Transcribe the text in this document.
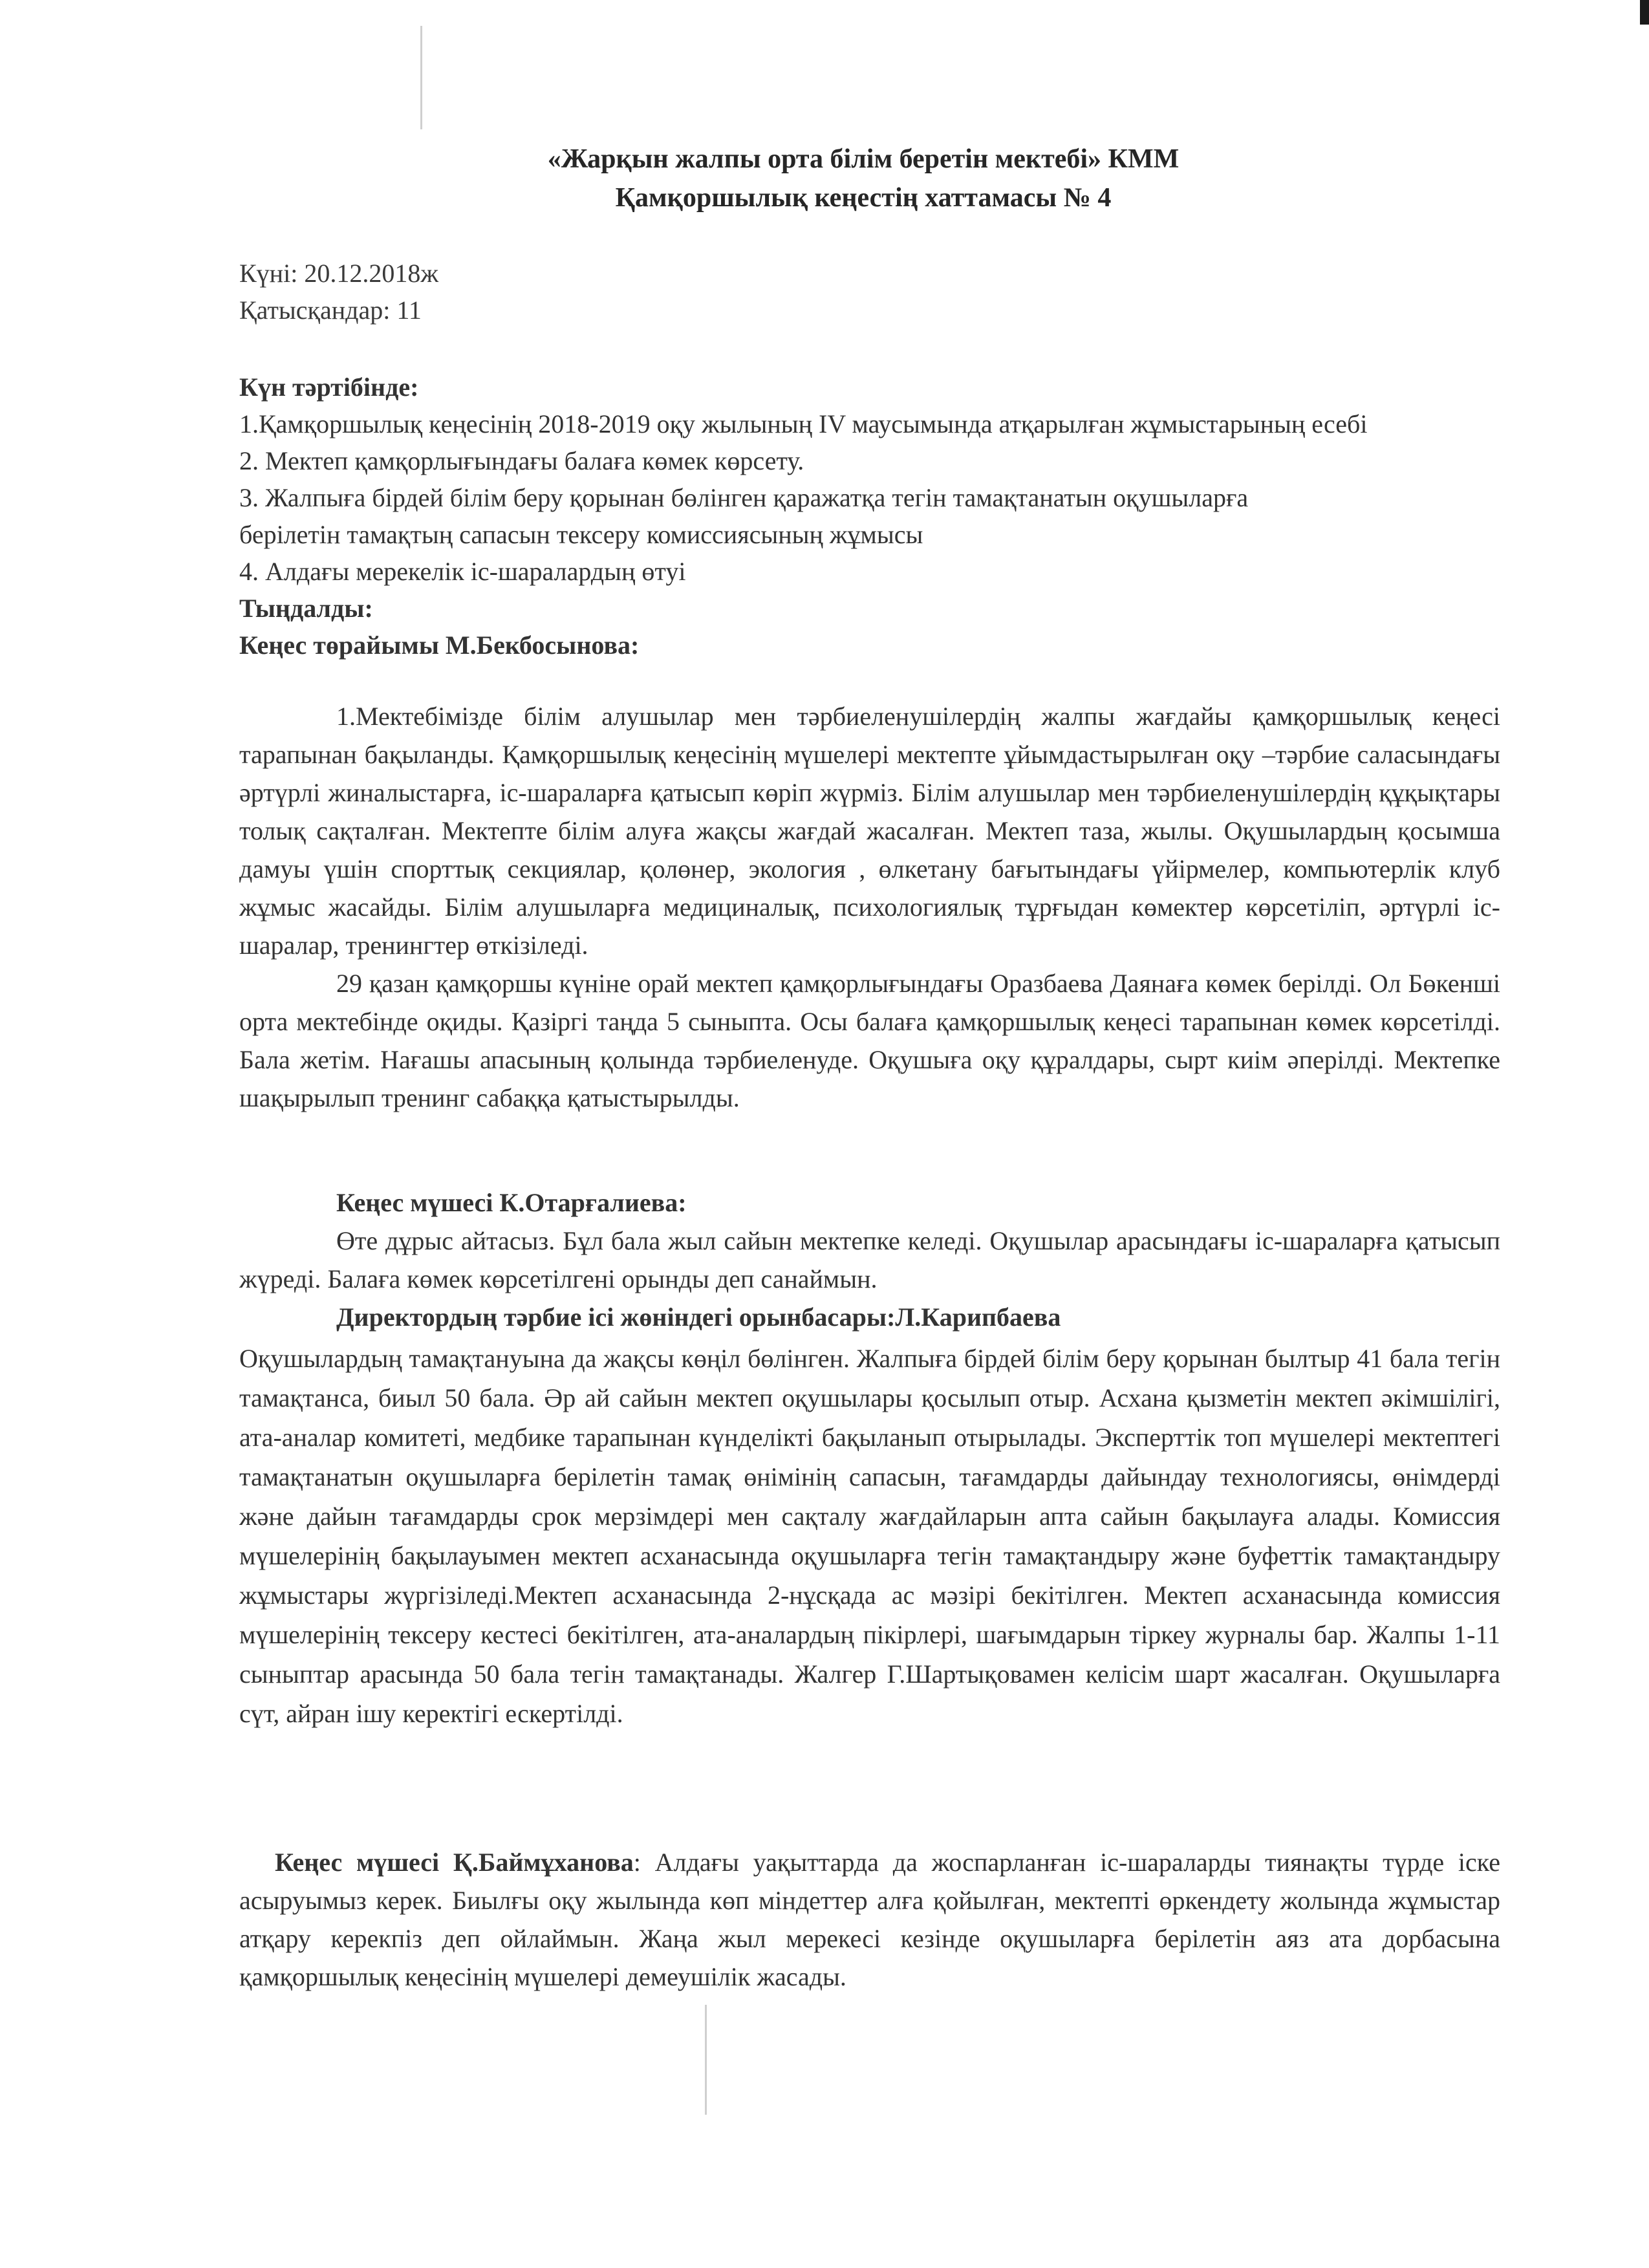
«Жарқын жалпы орта білім беретін мектебі» КММ
Қамқоршылық кеңестің хаттамасы № 4
Күні: 20.12.2018ж
Қатысқандар: 11

Күн тәртібінде:

1.Қамқоршылық кеңесінің 2018-2019 оқу жылының IV маусымында атқарылған жұмыстарының есебі

2. Мектеп қамқорлығындағы балаға көмек көрсету.

3. Жалпыға бірдей білім беру қорынан бөлінген қаражатқа тегін тамақтанатын оқушыларға берілетін тамақтың сапасын тексеру комиссиясының жұмысы

4. Алдағы мерекелік іс-шаралардың өтуі

Тыңдалды:

Кеңес төрайымы М.Бекбосынова:

1.Мектебімізде білім алушылар мен тәрбиеленушілердің жалпы жағдайы қамқоршылық кеңесі тарапынан бақыланды. Қамқоршылық кеңесінің мүшелері мектепте ұйымдастырылған оқу –тәрбие саласындағы әртүрлі жиналыстарға, іс-шараларға қатысып көріп жүрміз. Білім алушылар мен тәрбиеленушілердің құқықтары толық сақталған. Мектепте білім алуға жақсы жағдай жасалған. Мектеп таза, жылы. Оқушылардың қосымша дамуы үшін спорттық секциялар, қолөнер, экология , өлкетану бағытындағы үйірмелер, компьютерлік клуб жұмыс жасайды. Білім алушыларға медициналық, психологиялық тұрғыдан көмектер көрсетіліп, әртүрлі іс-шаралар, тренингтер өткізіледі.

29 қазан қамқоршы күніне орай мектеп қамқорлығындағы Оразбаева Даянаға көмек берілді. Ол Бөкенші орта мектебінде оқиды. Қазіргі таңда 5 сыныпта. Осы балаға қамқоршылық кеңесі тарапынан көмек көрсетілді. Бала жетім. Нағашы апасының қолында тәрбиеленуде. Оқушыға оқу құралдары, сырт киім әперілді. Мектепке шақырылып тренинг сабаққа қатыстырылды.

Кеңес мүшесі К.Отарғалиева:

Өте дұрыс айтасыз. Бұл бала жыл сайын мектепке келеді. Оқушылар арасындағы іс-шараларға қатысып жүреді. Балаға көмек көрсетілгені орынды деп санаймын.

Директордың тәрбие ісі жөніндегі орынбасары:Л.Карипбаева

Оқушылардың тамақтануына да жақсы көңіл бөлінген. Жалпыға бірдей білім беру қорынан былтыр 41 бала тегін тамақтанса, биыл 50 бала. Әр ай сайын мектеп оқушылары қосылып отыр. Асхана қызметін мектеп әкімшілігі, ата-аналар комитеті, медбике тарапынан күнделікті бақыланып отырылады. Эксперттік топ мүшелері мектептегі тамақтанатын оқушыларға берілетін тамақ өнімінің сапасын, тағамдарды дайындау технологиясы, өнімдерді және дайын тағамдарды срок мерзімдері мен сақталу жағдайларын апта сайын бақылауға алады. Комиссия мүшелерінің бақылауымен мектеп асханасында оқушыларға тегін тамақтандыру және буфеттік тамақтандыру жұмыстары жүргізіледі.Мектеп асханасында 2-нұсқада ас мәзірі бекітілген. Мектеп асханасында комиссия мүшелерінің тексеру кестесі бекітілген, ата-аналардың пікірлері, шағымдарын тіркеу журналы бар. Жалпы 1-11 сыныптар арасында 50 бала тегін тамақтанады. Жалгер Г.Шартықовамен келісім шарт жасалған. Оқушыларға сүт, айран ішу керектігі ескертілді.

Кеңес мүшесі Қ.Баймұханова: Алдағы уақыттарда да жоспарланған іс-шараларды тиянақты түрде іске асыруымыз керек. Биылғы оқу жылында көп міндеттер алға қойылған, мектепті өркендету жолында жұмыстар атқару керекпіз деп ойлаймын. Жаңа жыл мерекесі кезінде оқушыларға берілетін аяз ата дорбасына қамқоршылық кеңесінің мүшелері демеушілік жасады.
